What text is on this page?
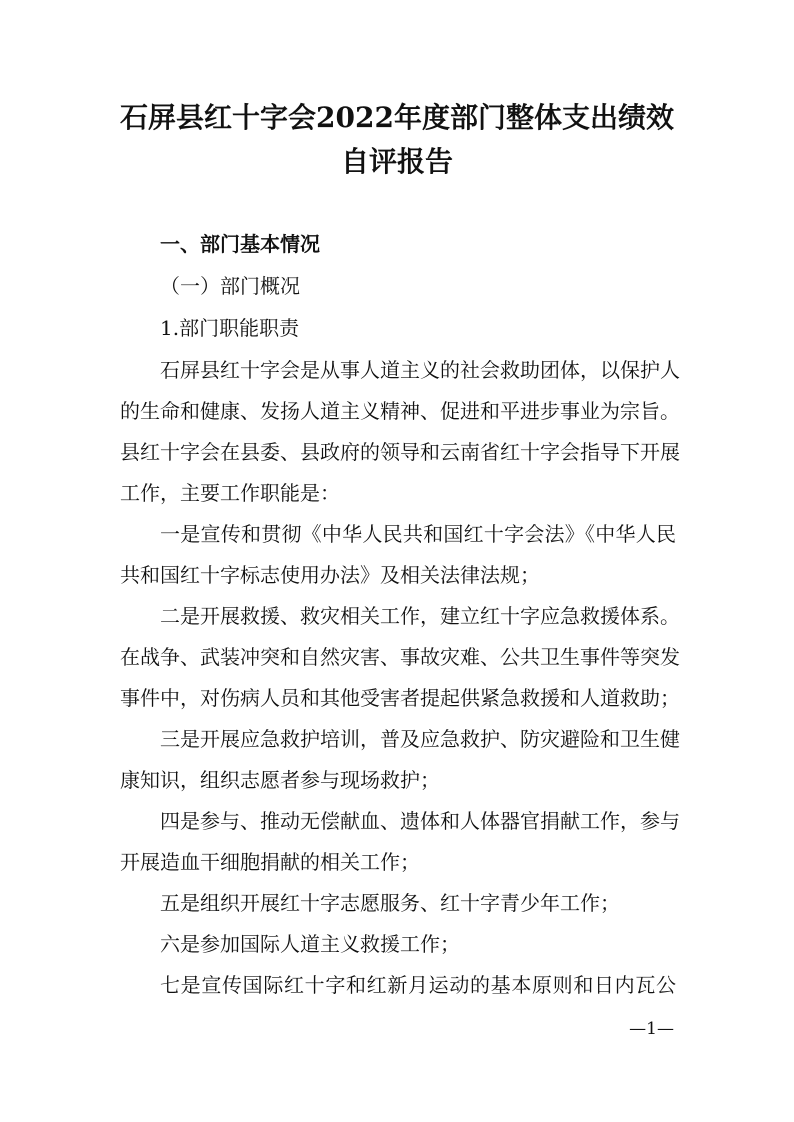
石屏县红十字会2022年度部门整体支出绩效
自评报告
一、部门基本情况
（一）部门概况
1.部门职能职责
石屏县红十字会是从事人道主义的社会救助团体，以保护人
的生命和健康、发扬人道主义精神、促进和平进步事业为宗旨。
县红十字会在县委、县政府的领导和云南省红十字会指导下开展
工作，主要工作职能是：
一是宣传和贯彻《中华人民共和国红十字会法》《中华人民
共和国红十字标志使用办法》及相关法律法规；
二是开展救援、救灾相关工作，建立红十字应急救援体系。
在战争、武装冲突和自然灾害、事故灾难、公共卫生事件等突发
事件中，对伤病人员和其他受害者提起供紧急救援和人道救助；
三是开展应急救护培训，普及应急救护、防灾避险和卫生健
康知识，组织志愿者参与现场救护；
四是参与、推动无偿献血、遗体和人体器官捐献工作，参与
开展造血干细胞捐献的相关工作；
五是组织开展红十字志愿服务、红十字青少年工作；
六是参加国际人道主义救援工作；
七是宣传国际红十字和红新月运动的基本原则和日内瓦公
—1—
